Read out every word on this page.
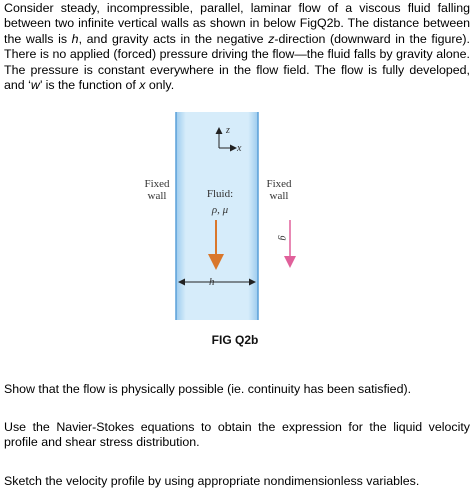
Consider steady, incompressible, parallel, laminar flow of a viscous fluid falling between two infinite vertical walls as shown in below FigQ2b. The distance between the walls is h, and gravity acts in the negative z-direction (downward in the figure). There is no applied (forced) pressure driving the flow—the fluid falls by gravity alone. The pressure is constant everywhere in the flow field. The flow is fully developed, and ‘w’ is the function of x only.
Fixed
wall
Fixed
wall
Fluid:
ρ, μ
h
z
x
g
FIG Q2b
Show that the flow is physically possible (ie. continuity has been satisfied).
Use the Navier-Stokes equations to obtain the expression for the liquid velocity profile and shear stress distribution.
Sketch the velocity profile by using appropriate nondimensionless variables.
